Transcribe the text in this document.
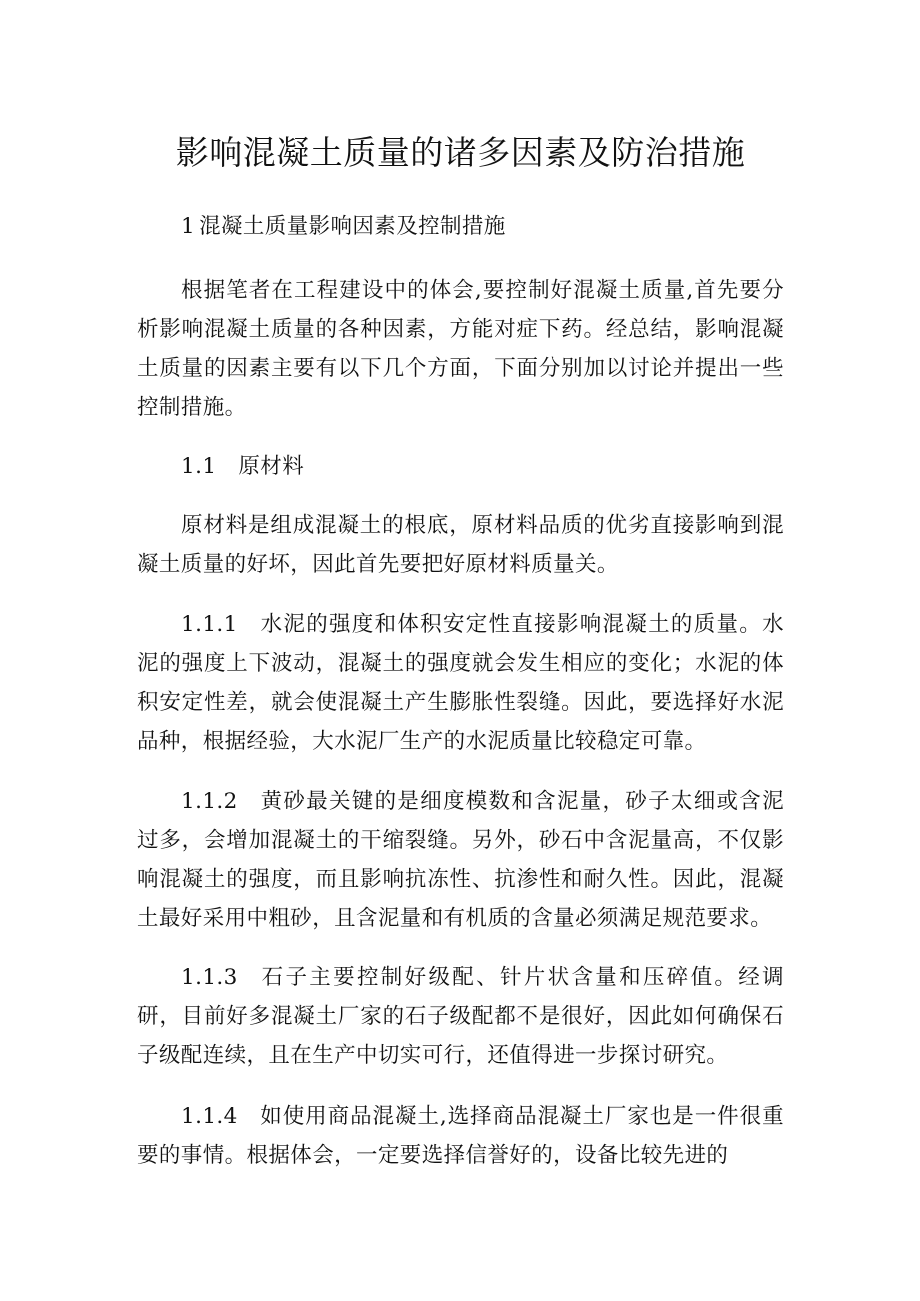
影响混凝土质量的诸多因素及防治措施

1 混凝土质量影响因素及控制措施

根据笔者在工程建设中的体会,要控制好混凝土质量,首先要分析影响混凝土质量的各种因素，方能对症下药。经总结，影响混凝土质量的因素主要有以下几个方面，下面分别加以讨论并提出一些控制措施。

1.1 原材料

原材料是组成混凝土的根底，原材料品质的优劣直接影响到混凝土质量的好坏，因此首先要把好原材料质量关。

1.1.1 水泥的强度和体积安定性直接影响混凝土的质量。水泥的强度上下波动，混凝土的强度就会发生相应的变化；水泥的体积安定性差，就会使混凝土产生膨胀性裂缝。因此，要选择好水泥品种，根据经验，大水泥厂生产的水泥质量比较稳定可靠。

1.1.2 黄砂最关键的是细度模数和含泥量，砂子太细或含泥过多，会增加混凝土的干缩裂缝。另外，砂石中含泥量高，不仅影响混凝土的强度，而且影响抗冻性、抗渗性和耐久性。因此，混凝土最好采用中粗砂，且含泥量和有机质的含量必须满足规范要求。

1.1.3 石子主要控制好级配、针片状含量和压碎值。经调研，目前好多混凝土厂家的石子级配都不是很好，因此如何确保石子级配连续，且在生产中切实可行，还值得进一步探讨研究。

1.1.4 如使用商品混凝土,选择商品混凝土厂家也是一件很重要的事情。根据体会，一定要选择信誉好的，设备比较先进的
